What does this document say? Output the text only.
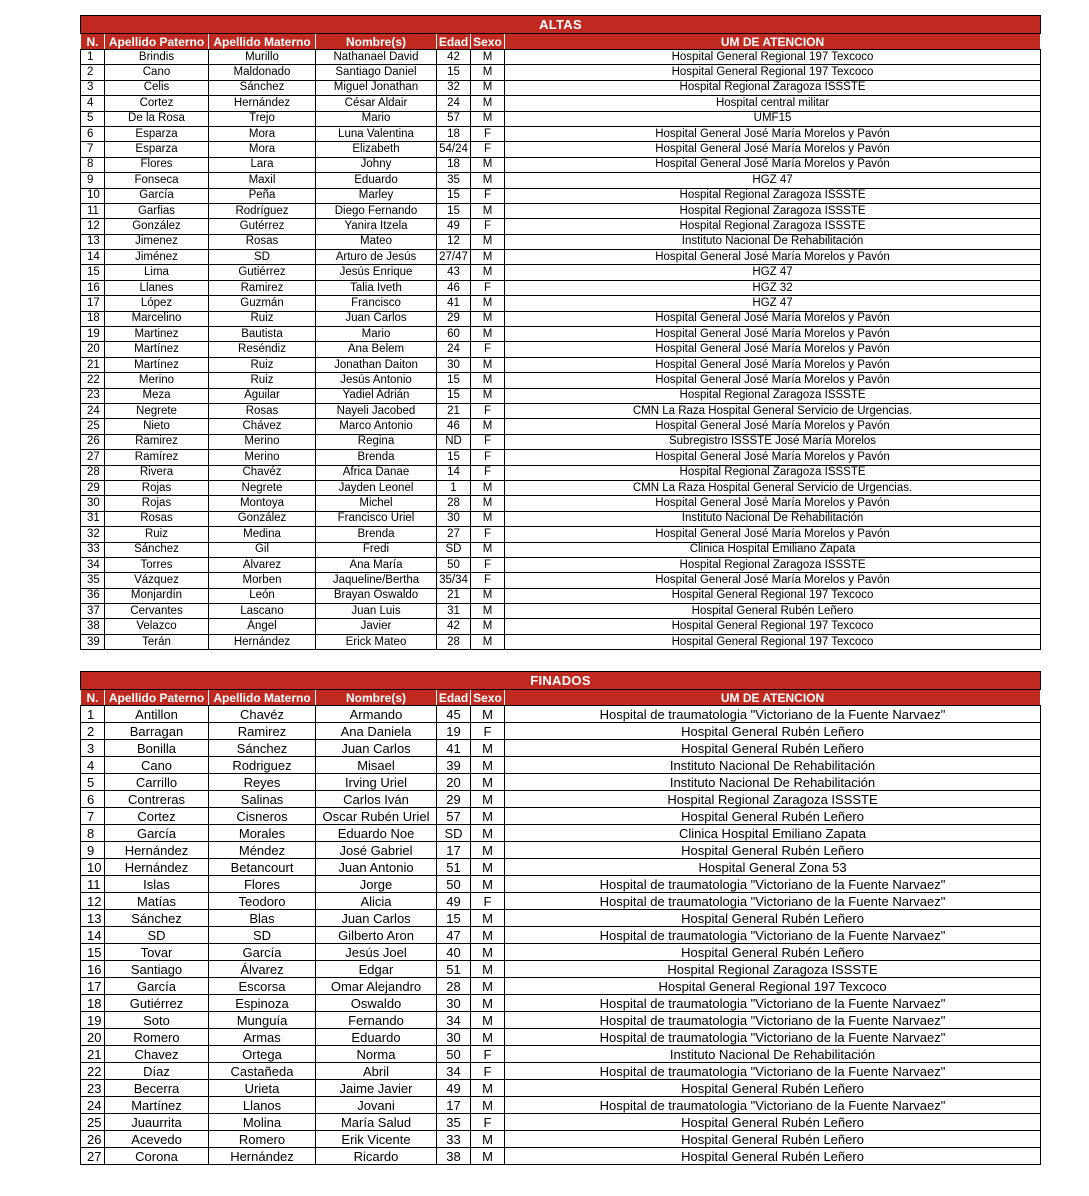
ALTAS						
N.	Apellido Paterno	Apellido Materno	Nombre(s)	Edad	Sexo	UM DE ATENCION
1	Brindis	Murillo	Nathanael David	42	M	Hospital General Regional 197 Texcoco
2	Cano	Maldonado	Santiago Daniel	15	M	Hospital General Regional 197 Texcoco
3	Celis	Sánchez	Miguel Jonathan	32	M	Hospital Regional Zaragoza ISSSTE
4	Cortez	Hernández	César Aldair	24	M	Hospital central militar
5	De la Rosa	Trejo	Mario	57	M	UMF15
6	Esparza	Mora	Luna Valentina	18	F	Hospital General José María Morelos y Pavón
7	Esparza	Mora	Elizabeth	54/24	F	Hospital General José María Morelos y Pavón
8	Flores	Lara	Johny	18	M	Hospital General José María Morelos y Pavón
9	Fonseca	Maxil	Eduardo	35	M	HGZ 47
10	García	Peña	Marley	15	F	Hospital Regional Zaragoza ISSSTE
11	Garfias	Rodríguez	Diego Fernando	15	M	Hospital Regional Zaragoza ISSSTE
12	González	Gutérrez	Yanira Itzela	49	F	Hospital Regional Zaragoza ISSSTE
13	Jimenez	Rosas	Mateo	12	M	Instituto Nacional De Rehabilitación
14	Jiménez	SD	Arturo de Jesús	27/47	M	Hospital General José María Morelos y Pavón
15	Lima	Gutiérrez	Jesús Enrique	43	M	HGZ 47
16	Llanes	Ramirez	Talia Iveth	46	F	HGZ 32
17	López	Guzmán	Francisco	41	M	HGZ 47
18	Marcelino	Ruiz	Juan Carlos	29	M	Hospital General José María Morelos y Pavón
19	Martinez	Bautista	Mario	60	M	Hospital General José María Morelos y Pavón
20	Martínez	Reséndiz	Ana Belem	24	F	Hospital General José María Morelos y Pavón
21	Martínez	Ruiz	Jonathan Daiton	30	M	Hospital General José María Morelos y Pavón
22	Merino	Ruiz	Jesús Antonio	15	M	Hospital General José María Morelos y Pavón
23	Meza	Aguilar	Yadiel Adrián	15	M	Hospital Regional Zaragoza ISSSTE
24	Negrete	Rosas	Nayeli Jacobed	21	F	CMN La Raza Hospital General Servicio de Urgencias.
25	Nieto	Chávez	Marco Antonio	46	M	Hospital General José María Morelos y Pavón
26	Ramirez	Merino	Regina	ND	F	Subregistro ISSSTE José María Morelos
27	Ramírez	Merino	Brenda	15	F	Hospital General José María Morelos y Pavón
28	Rivera	Chavéz	África Danae	14	F	Hospital Regional Zaragoza ISSSTE
29	Rojas	Negrete	Jayden Leonel	1	M	CMN La Raza Hospital General Servicio de Urgencias.
30	Rojas	Montoya	Michel	28	M	Hospital General José María Morelos y Pavón
31	Rosas	González	Francisco Uriel	30	M	Instituto Nacional De Rehabilitación
32	Ruiz	Medina	Brenda	27	F	Hospital General José María Morelos y Pavón
33	Sánchez	Gil	Fredi	SD	M	Clinica Hospital Emiliano Zapata
34	Torres	Alvarez	Ana María	50	F	Hospital Regional Zaragoza ISSSTE
35	Vázquez	Morben	Jaqueline/Bertha	35/34	F	Hospital General José María Morelos y Pavón
36	Monjardín	León	Brayan Oswaldo	21	M	Hospital General Regional 197 Texcoco
37	Cervantes	Lascano	Juan Luis	31	M	Hospital General Rubén Leñero
38	Velazco	Ángel	Javier	42	M	Hospital General Regional 197 Texcoco
39	Terán	Hernández	Erick Mateo	28	M	Hospital General Regional 197 Texcoco
FINADOS						
N.	Apellido Paterno	Apellido Materno	Nombre(s)	Edad	Sexo	UM DE ATENCION
1	Antillon	Chavéz	Armando	45	M	Hospital de traumatologia "Victoriano de la Fuente Narvaez"
2	Barragan	Ramirez	Ana Daniela	19	F	Hospital General Rubén Leñero
3	Bonilla	Sánchez	Juan Carlos	41	M	Hospital General Rubén Leñero
4	Cano	Rodriguez	Misael	39	M	Instituto Nacional De Rehabilitación
5	Carrillo	Reyes	Irving Uriel	20	M	Instituto Nacional De Rehabilitación
6	Contreras	Salinas	Carlos Iván	29	M	Hospital Regional Zaragoza ISSSTE
7	Cortez	Cisneros	Oscar Rubén Uriel	57	M	Hospital General Rubén Leñero
8	García	Morales	Eduardo Noe	SD	M	Clinica Hospital Emiliano Zapata
9	Hernández	Méndez	José Gabriel	17	M	Hospital General Rubén Leñero
10	Hernández	Betancourt	Juan Antonio	51	M	Hospital General Zona 53
11	Islas	Flores	Jorge	50	M	Hospital de traumatologia "Victoriano de la Fuente Narvaez"
12	Matías	Teodoro	Alicia	49	F	Hospital de traumatologia "Victoriano de la Fuente Narvaez"
13	Sánchez	Blas	Juan Carlos	15	M	Hospital General Rubén Leñero
14	SD	SD	Gilberto Aron	47	M	Hospital de traumatologia "Victoriano de la Fuente Narvaez"
15	Tovar	García	Jesús Joel	40	M	Hospital General Rubén Leñero
16	Santiago	Álvarez	Edgar	51	M	Hospital Regional Zaragoza ISSSTE
17	García	Escorsa	Omar Alejandro	28	M	Hospital General Regional 197 Texcoco
18	Gutiérrez	Espinoza	Oswaldo	30	M	Hospital de traumatologia "Victoriano de la Fuente Narvaez"
19	Soto	Munguía	Fernando	34	M	Hospital de traumatologia "Victoriano de la Fuente Narvaez"
20	Romero	Armas	Eduardo	30	M	Hospital de traumatologia "Victoriano de la Fuente Narvaez"
21	Chavez	Ortega	Norma	50	F	Instituto Nacional De Rehabilitación
22	Díaz	Castañeda	Abril	34	F	Hospital de traumatologia "Victoriano de la Fuente Narvaez"
23	Becerra	Urieta	Jaime Javier	49	M	Hospital General Rubén Leñero
24	Martínez	Llanos	Jovani	17	M	Hospital de traumatologia "Victoriano de la Fuente Narvaez"
25	Juaurrita	Molina	María Salud	35	F	Hospital General Rubén Leñero
26	Acevedo	Romero	Erik Vicente	33	M	Hospital General Rubén Leñero
27	Corona	Hernández	Ricardo	38	M	Hospital General Rubén Leñero
